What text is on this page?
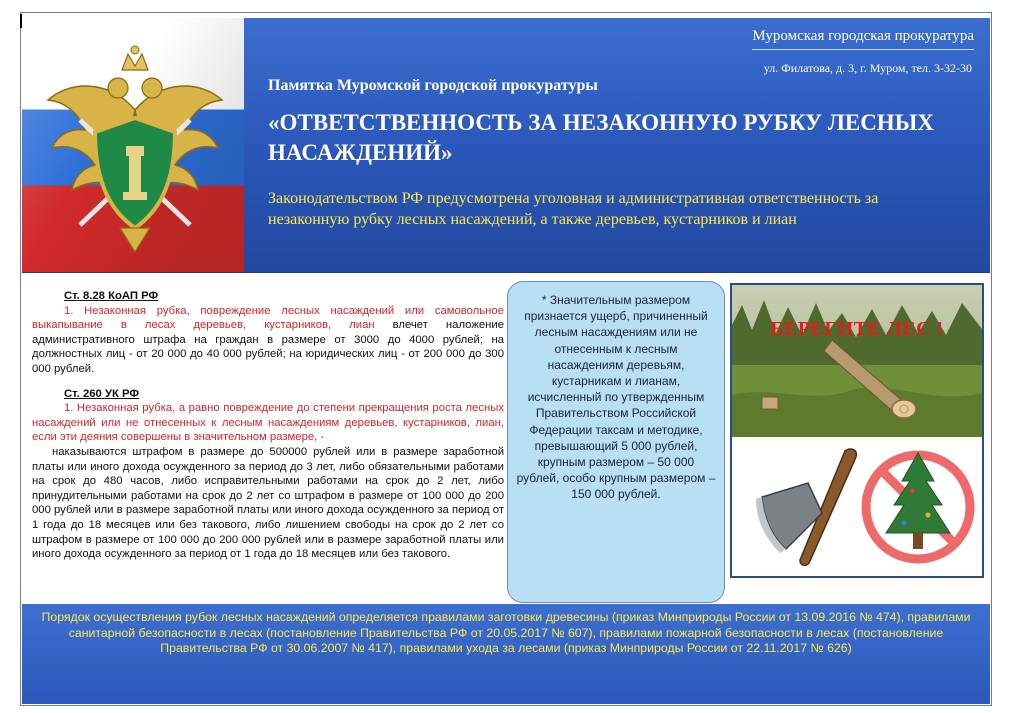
Муромская городская прокуратура
ул. Филатова, д. 3, г. Муром, тел. 3-32-30
Памятка Муромской городской прокуратуры
«ОТВЕТСТВЕННОСТЬ ЗА НЕЗАКОННУЮ РУБКУ ЛЕСНЫХ НАСАЖДЕНИЙ»
Законодательством РФ предусмотрена уголовная и административная ответственность за незаконную рубку лесных насаждений, а также деревьев, кустарников и лиан
Ст. 8.28 КоАП РФ
1. Незаконная рубка, повреждение лесных насаждений или самовольное выкапывание в лесах деревьев, кустарников, лиан влечет наложение административного штрафа на граждан в размере от 3000 до 4000 рублей; на должностных лиц - от 20 000 до 40 000 рублей; на юридических лиц - от 200 000 до 300 000 рублей.
Ст. 260 УК РФ
1. Незаконная рубка, а равно повреждение до степени прекращения роста лесных насаждений или не отнесенных к лесным насаждениям деревьев, кустарников, лиан, если эти деяния совершены в значительном размере, -
наказываются штрафом в размере до 500000 рублей или в размере заработной платы или иного дохода осужденного за период до 3 лет, либо обязательными работами на срок до 480 часов, либо исправительными работами на срок до 2 лет, либо принудительными работами на срок до 2 лет со штрафом в размере от 100 000 до 200 000 рублей или в размере заработной платы или иного дохода осужденного за период от 1 года до 18 месяцев или без такового, либо лишением свободы на срок до 2 лет со штрафом в размере от 100 000 до 200 000 рублей или в размере заработной платы или иного дохода осужденного за период от 1 года до 18 месяцев или без такового.
* Значительным размером признается ущерб, причиненный лесным насаждениям или не отнесенным к лесным насаждениям деревьям, кустарникам и лианам, исчисленный по утвержденным Правительством Российской Федерации таксам и методике, превышающий 5 000 рублей, крупным размером – 50 000 рублей, особо крупным размером – 150 000 рублей.
БЕРЕГИТЕ ЛЕС !
Порядок осуществления рубок лесных насаждений определяется правилами заготовки древесины (приказ Минприроды России от 13.09.2016 № 474), правилами санитарной безопасности в лесах (постановление Правительства РФ от 20.05.2017 № 607), правилами пожарной безопасности в лесах (постановление Правительства РФ от 30.06.2007 № 417), правилами ухода за лесами (приказ Минприроды России от 22.11.2017 № 626)
